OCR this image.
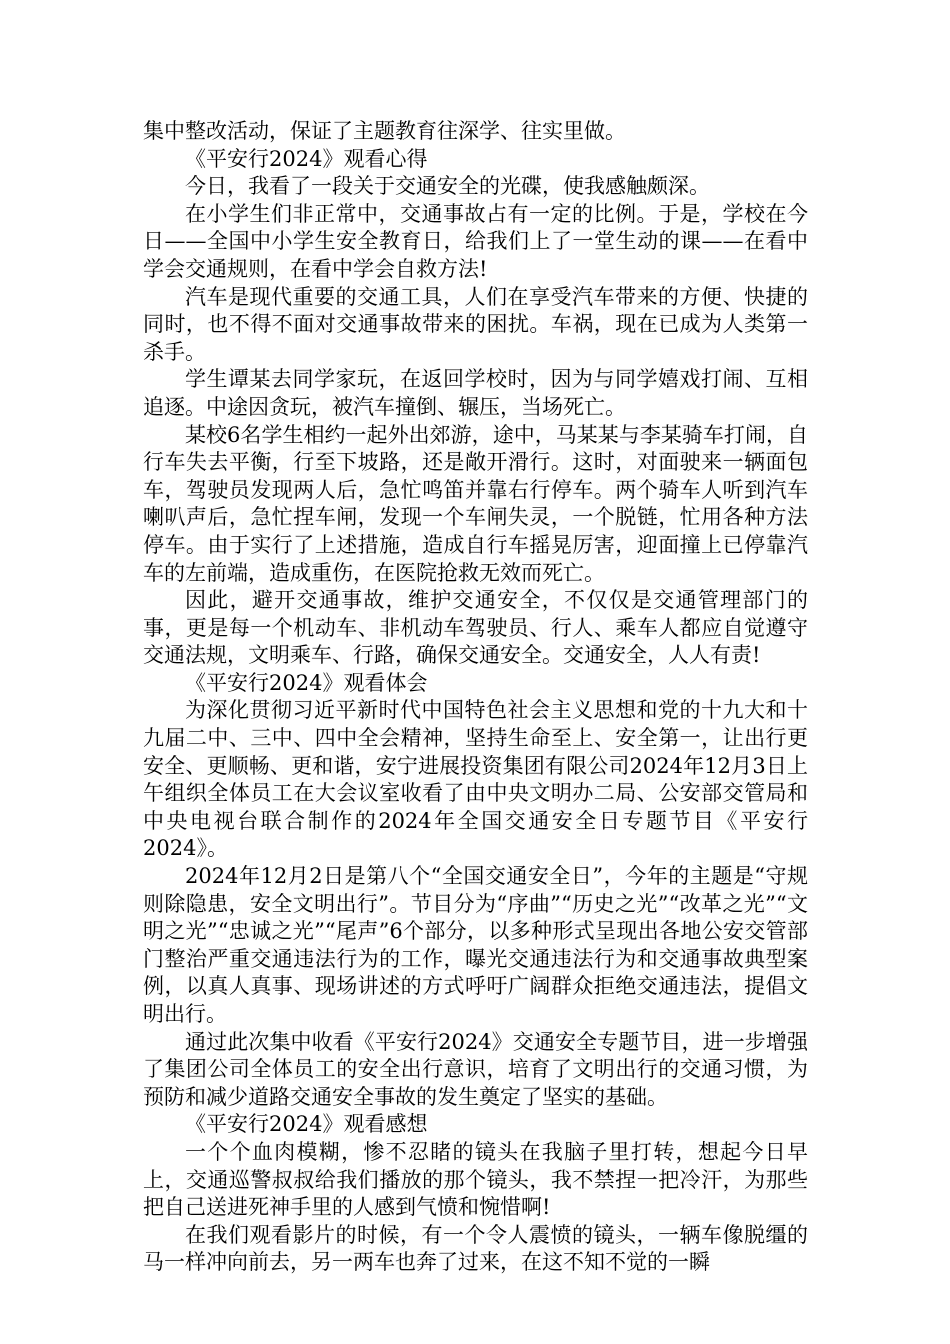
集中整改活动，保证了主题教育往深学、往实里做。

《平安行2024》观看心得

今日，我看了一段关于交通安全的光碟，使我感触颇深。

在小学生们非正常中，交通事故占有一定的比例。于是，学校在今日——全国中小学生安全教育日，给我们上了一堂生动的课——在看中学会交通规则，在看中学会自救方法!

汽车是现代重要的交通工具，人们在享受汽车带来的方便、快捷的同时，也不得不面对交通事故带来的困扰。车祸，现在已成为人类第一杀手。

学生谭某去同学家玩，在返回学校时，因为与同学嬉戏打闹、互相追逐。中途因贪玩，被汽车撞倒、辗压，当场死亡。

某校6名学生相约一起外出郊游，途中，马某某与李某骑车打闹，自行车失去平衡，行至下坡路，还是敞开滑行。这时，对面驶来一辆面包车，驾驶员发现两人后，急忙鸣笛并靠右行停车。两个骑车人听到汽车喇叭声后，急忙捏车闸，发现一个车闸失灵，一个脱链，忙用各种方法停车。由于实行了上述措施，造成自行车摇晃厉害，迎面撞上已停靠汽车的左前端，造成重伤，在医院抢救无效而死亡。

因此，避开交通事故，维护交通安全，不仅仅是交通管理部门的事，更是每一个机动车、非机动车驾驶员、行人、乘车人都应自觉遵守交通法规，文明乘车、行路，确保交通安全。交通安全，人人有责!

《平安行2024》观看体会

为深化贯彻习近平新时代中国特色社会主义思想和党的十九大和十九届二中、三中、四中全会精神，坚持生命至上、安全第一，让出行更安全、更顺畅、更和谐，安宁进展投资集团有限公司2024年12月3日上午组织全体员工在大会议室收看了由中央文明办二局、公安部交管局和中央电视台联合制作的2024年全国交通安全日专题节目《平安行2024》。

2024年12月2日是第八个“全国交通安全日”，今年的主题是“守规则除隐患，安全文明出行”。节目分为“序曲”“历史之光”“改革之光”“文明之光”“忠诚之光”“尾声”6个部分，以多种形式呈现出各地公安交管部门整治严重交通违法行为的工作，曝光交通违法行为和交通事故典型案例，以真人真事、现场讲述的方式呼吁广阔群众拒绝交通违法，提倡文明出行。

通过此次集中收看《平安行2024》交通安全专题节目，进一步增强了集团公司全体员工的安全出行意识，培育了文明出行的交通习惯，为预防和减少道路交通安全事故的发生奠定了坚实的基础。

《平安行2024》观看感想

一个个血肉模糊，惨不忍睹的镜头在我脑子里打转，想起今日早上，交通巡警叔叔给我们播放的那个镜头，我不禁捏一把冷汗，为那些把自己送进死神手里的人感到气愤和惋惜啊!

在我们观看影片的时候，有一个令人震愤的镜头，一辆车像脱缰的马一样冲向前去，另一两车也奔了过来，在这不知不觉的一瞬
